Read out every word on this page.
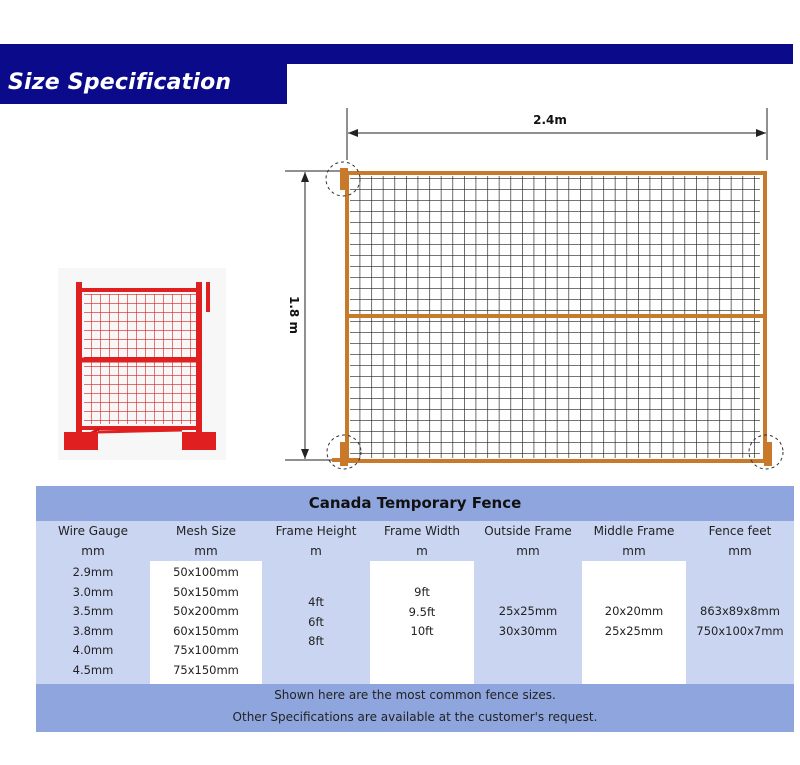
Size Specification
2.4m
1.8 m
Canada Temporary Fence
Wire Gauge
mm
Mesh Size
mm
Frame Height
m
Frame Width
m
Outside Frame
mm
Middle Frame
mm
Fence feet
mm
2.9mm
3.0mm
3.5mm
3.8mm
4.0mm
4.5mm
50x100mm
50x150mm
50x200mm
60x150mm
75x100mm
75x150mm
4ft
6ft
8ft
9ft
9.5ft
10ft
25x25mm
30x30mm
20x20mm
25x25mm
863x89x8mm
750x100x7mm
Shown here are the most common fence sizes.
Other Specifications are available at the customer's request.
